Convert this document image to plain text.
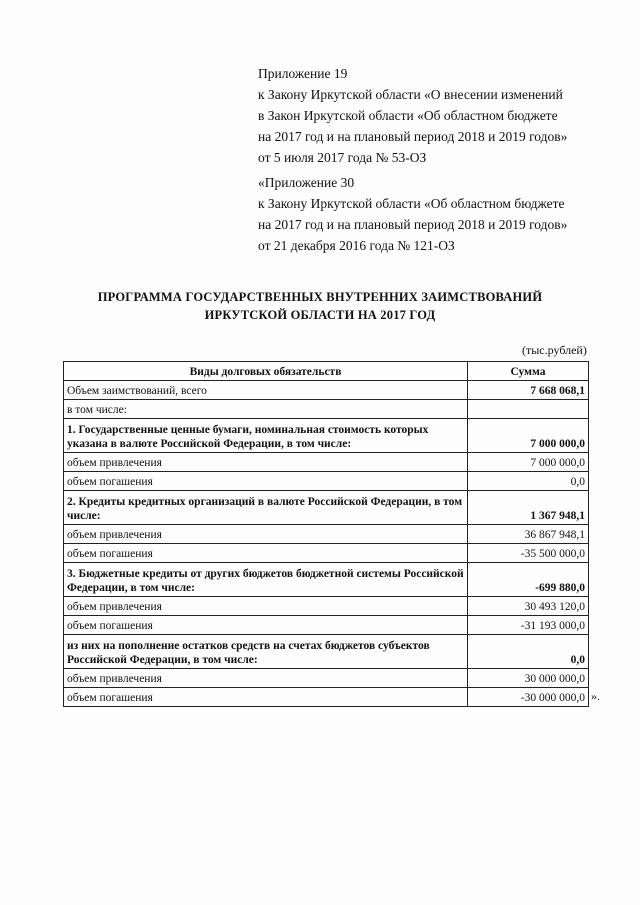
Приложение 19
к Закону Иркутской области «О внесении изменений
в Закон Иркутской области «Об областном бюджете
на 2017 год и на плановый период 2018 и 2019 годов»
от 5 июля 2017 года № 53-ОЗ
«Приложение 30
к Закону Иркутской области «Об областном бюджете
на 2017 год и на плановый период 2018 и 2019 годов»
от 21 декабря 2016 года № 121-ОЗ
ПРОГРАММА ГОСУДАРСТВЕННЫХ ВНУТРЕННИХ ЗАИМСТВОВАНИЙ
ИРКУТСКОЙ ОБЛАСТИ НА 2017 ГОД
(тыс.рублей)
Виды долговых обязательств	Сумма
Объем заимствований, всего	7 668 068,1
в том числе:	
1. Государственные ценные бумаги, номинальная стоимость которых указана в валюте Российской Федерации, в том числе:	7 000 000,0
объем привлечения	7 000 000,0
объем погашения	0,0
2. Кредиты кредитных организаций в валюте Российской Федерации, в том числе:	1 367 948,1
объем привлечения	36 867 948,1
объем погашения	-35 500 000,0
3. Бюджетные кредиты от других бюджетов бюджетной системы Российской Федерации, в том числе:	-699 880,0
объем привлечения	30 493 120,0
объем погашения	-31 193 000,0
из них на пополнение остатков средств на счетах бюджетов субъектов Российской Федерации, в том числе:	0,0
объем привлечения	30 000 000,0
объем погашения	-30 000 000,0 ».
